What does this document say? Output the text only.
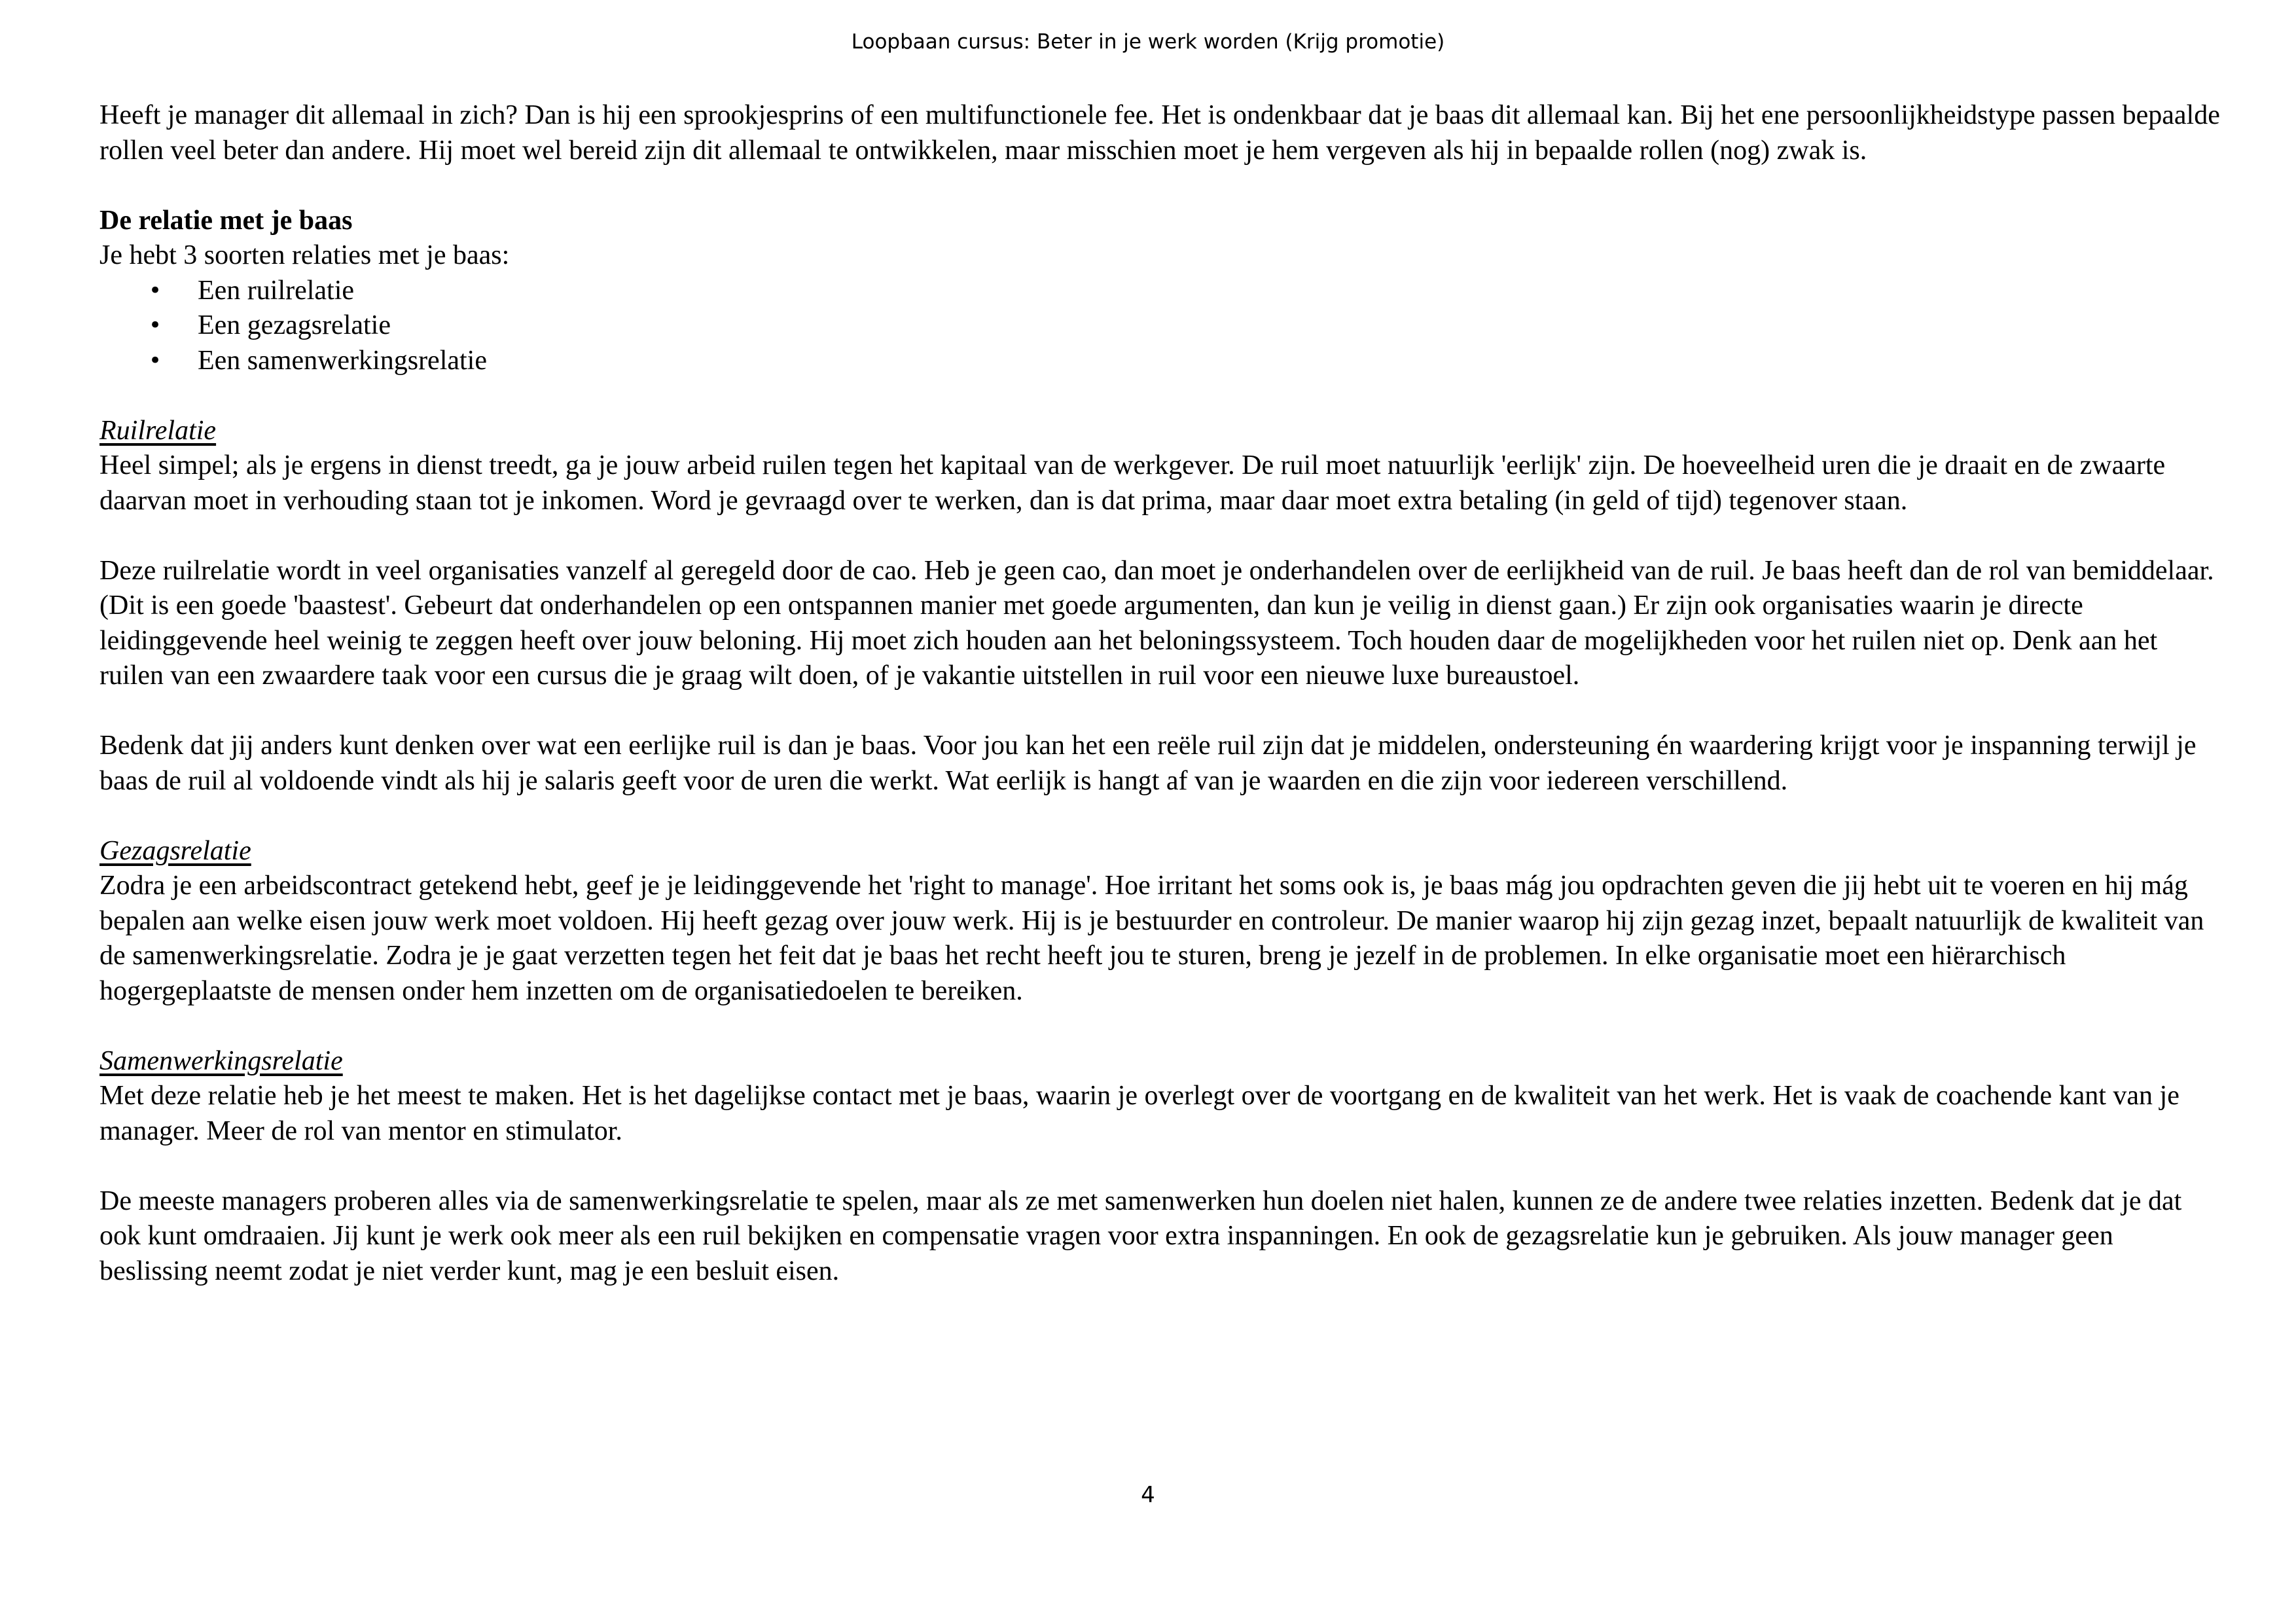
Loopbaan cursus: Beter in je werk worden (Krijg promotie)

Heeft je manager dit allemaal in zich? Dan is hij een sprookjesprins of een multifunctionele fee. Het is ondenkbaar dat je baas dit allemaal kan. Bij het ene persoonlijkheidstype passen bepaalde rollen veel beter dan andere. Hij moet wel bereid zijn dit allemaal te ontwikkelen, maar misschien moet je hem vergeven als hij in bepaalde rollen (nog) zwak is.

De relatie met je baas
Je hebt 3 soorten relaties met je baas:
• Een ruilrelatie
• Een gezagsrelatie
• Een samenwerkingsrelatie
Ruilrelatie

Heel simpel; als je ergens in dienst treedt, ga je jouw arbeid ruilen tegen het kapitaal van de werkgever. De ruil moet natuurlijk 'eerlijk' zijn. De hoeveelheid uren die je draait en de zwaarte daarvan moet in verhouding staan tot je inkomen. Word je gevraagd over te werken, dan is dat prima, maar daar moet extra betaling (in geld of tijd) tegenover staan.

Deze ruilrelatie wordt in veel organisaties vanzelf al geregeld door de cao. Heb je geen cao, dan moet je onderhandelen over de eerlijkheid van de ruil. Je baas heeft dan de rol van bemiddelaar. (Dit is een goede 'baastest'. Gebeurt dat onderhandelen op een ontspannen manier met goede argumenten, dan kun je veilig in dienst gaan.) Er zijn ook organisaties waarin je directe leidinggevende heel weinig te zeggen heeft over jouw beloning. Hij moet zich houden aan het beloningssysteem. Toch houden daar de mogelijkheden voor het ruilen niet op. Denk aan het ruilen van een zwaardere taak voor een cursus die je graag wilt doen, of je vakantie uitstellen in ruil voor een nieuwe luxe bureaustoel.

Bedenk dat jij anders kunt denken over wat een eerlijke ruil is dan je baas. Voor jou kan het een reële ruil zijn dat je middelen, ondersteuning én waardering krijgt voor je inspanning terwijl je baas de ruil al voldoende vindt als hij je salaris geeft voor de uren die werkt. Wat eerlijk is hangt af van je waarden en die zijn voor iedereen verschillend.

Gezagsrelatie

Zodra je een arbeidscontract getekend hebt, geef je je leidinggevende het 'right to manage'. Hoe irritant het soms ook is, je baas mág jou opdrachten geven die jij hebt uit te voeren en hij mág bepalen aan welke eisen jouw werk moet voldoen. Hij heeft gezag over jouw werk. Hij is je bestuurder en controleur. De manier waarop hij zijn gezag inzet, bepaalt natuurlijk de kwaliteit van de samenwerkingsrelatie. Zodra je je gaat verzetten tegen het feit dat je baas het recht heeft jou te sturen, breng je jezelf in de problemen. In elke organisatie moet een hiërarchisch hogergeplaatste de mensen onder hem inzetten om de organisatiedoelen te bereiken.

Samenwerkingsrelatie

Met deze relatie heb je het meest te maken. Het is het dagelijkse contact met je baas, waarin je overlegt over de voortgang en de kwaliteit van het werk. Het is vaak de coachende kant van je manager. Meer de rol van mentor en stimulator.

De meeste managers proberen alles via de samenwerkingsrelatie te spelen, maar als ze met samenwerken hun doelen niet halen, kunnen ze de andere twee relaties inzetten. Bedenk dat je dat ook kunt omdraaien. Jij kunt je werk ook meer als een ruil bekijken en compensatie vragen voor extra inspanningen. En ook de gezagsrelatie kun je gebruiken. Als jouw manager geen beslissing neemt zodat je niet verder kunt, mag je een besluit eisen.

4
